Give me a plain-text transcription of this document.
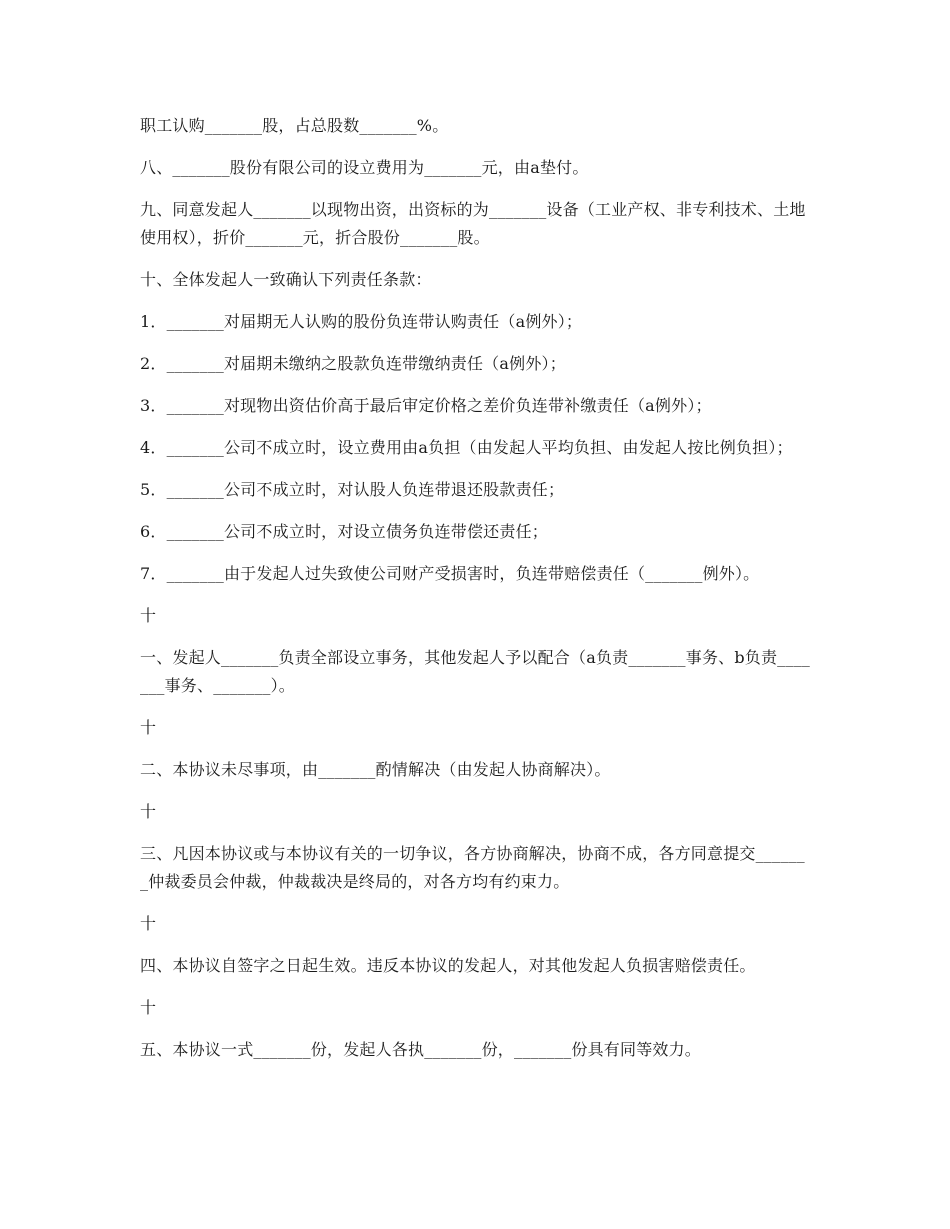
职工认购_______股，占总股数_______%。

八、_______股份有限公司的设立费用为_______元，由a垫付。

九、同意发起人_______以现物出资，出资标的为_______设备（工业产权、非专利技术、土地使用权），折价_______元，折合股份_______股。

十、全体发起人一致确认下列责任条款：

1．_______对届期无人认购的股份负连带认购责任（a例外）；

2．_______对届期未缴纳之股款负连带缴纳责任（a例外）；

3．_______对现物出资估价高于最后审定价格之差价负连带补缴责任（a例外）；

4．_______公司不成立时，设立费用由a负担（由发起人平均负担、由发起人按比例负担）；

5．_______公司不成立时，对认股人负连带退还股款责任；

6．_______公司不成立时，对设立债务负连带偿还责任；

7．_______由于发起人过失致使公司财产受损害时，负连带赔偿责任（_______例外）。

十

一、发起人_______负责全部设立事务，其他发起人予以配合（a负责_______事务、b负责_______事务、_______）。

十

二、本协议未尽事项，由_______酌情解决（由发起人协商解决）。

十

三、凡因本协议或与本协议有关的一切争议，各方协商解决，协商不成，各方同意提交_______仲裁委员会仲裁，仲裁裁决是终局的，对各方均有约束力。

十

四、本协议自签字之日起生效。违反本协议的发起人，对其他发起人负损害赔偿责任。

十

五、本协议一式_______份，发起人各执_______份，_______份具有同等效力。
